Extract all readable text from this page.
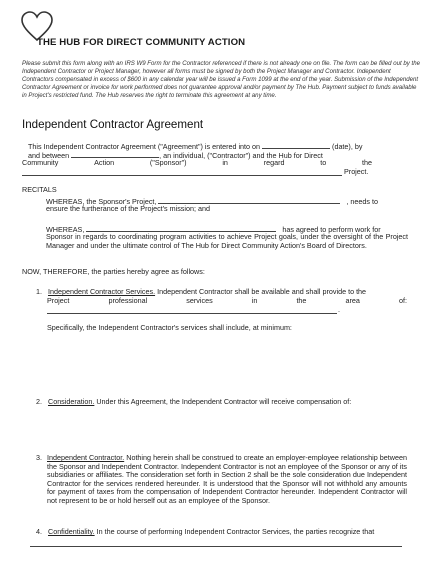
THE HUB FOR DIRECT COMMUNITY ACTION
Please submit this form along with an IRS W9 Form for the Contractor referenced if there is not already one on file. The form can be filled out by the Independent Contractor or Project Manager, however all forms must be signed by both the Project Manager and Contractor. Independent Contractors compensated in excess of $600 in any calendar year will be issued a Form 1099 at the end of the year. Submission of the Independent Contractor Agreement or invoice for work performed does not guarantee approval and/or payment by The Hub. Payment subject to funds available in Project's restricted fund. The Hub reserves the right to terminate this agreement at any time.
Independent Contractor Agreement
This Independent Contractor Agreement ("Agreement") is entered into on	(date), by
and between	, an individual, ("Contractor") and the Hub for Direct
Community	Action	("Sponsor")	in	regard	to	the
Project.
RECITALS
WHEREAS, the Sponsor's Project,	, needs to
ensure the furtherance of the Project's mission; and
WHEREAS,	has agreed to perform work for
Sponsor in regards to coordinating program activities to achieve Project goals, under the oversight of the Project Manager and under the ultimate control of The Hub for Direct Community Action's Board of Directors.
NOW, THEREFORE, the parties hereby agree as follows:
1. Independent Contractor Services. Independent Contractor shall be available and shall provide to the
Project	professional	services	in	the	area	of:
.
Specifically, the Independent Contractor's services shall include, at minimum:
2. Consideration. Under this Agreement, the Independent Contractor will receive compensation of:
3. Independent Contractor. Nothing herein shall be construed to create an employer-employee relationship between the Sponsor and Independent Contractor. Independent Contractor is not an employee of the Sponsor or any of its subsidiaries or affiliates. The consideration set forth in Section 2 shall be the sole consideration due Independent Contractor for the services rendered hereunder. It is understood that the Sponsor will not withhold any amounts for payment of taxes from the compensation of Independent Contractor hereunder. Independent Contractor will not represent to be or hold herself out as an employee of the Sponsor.
4. Confidentiality. In the course of performing Independent Contractor Services, the parties recognize that
